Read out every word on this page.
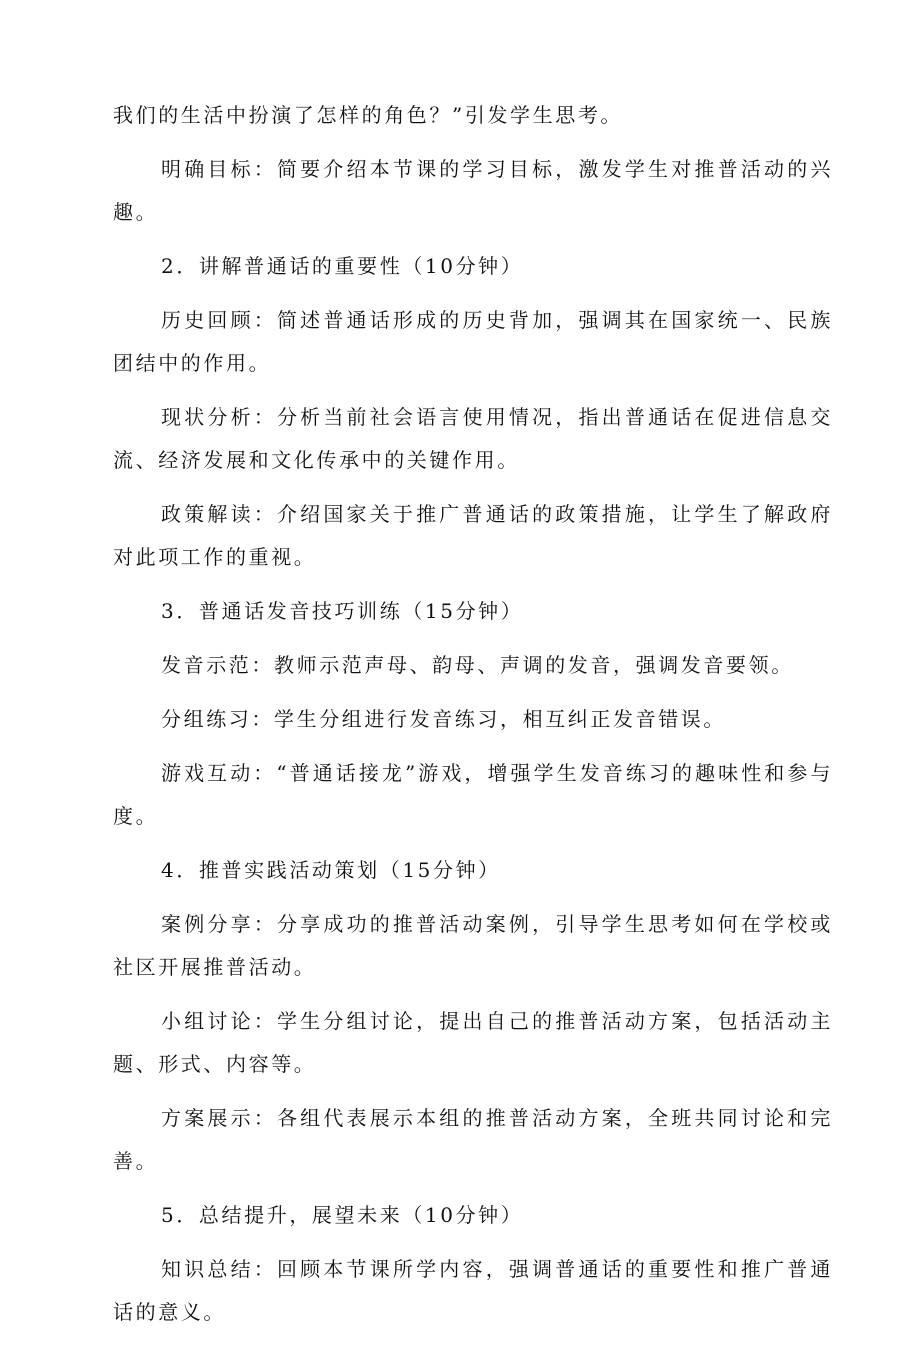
我们的生活中扮演了怎样的角色？”引发学生思考。

明确目标：简要介绍本节课的学习目标，激发学生对推普活动的兴趣。

2．讲解普通话的重要性（10分钟）

历史回顾：简述普通话形成的历史背加，强调其在国家统一、民族团结中的作用。

现状分析：分析当前社会语言使用情况，指出普通话在促进信息交流、经济发展和文化传承中的关键作用。

政策解读：介绍国家关于推广普通话的政策措施，让学生了解政府对此项工作的重视。

3．普通话发音技巧训练（15分钟）

发音示范：教师示范声母、韵母、声调的发音，强调发音要领。

分组练习：学生分组进行发音练习，相互纠正发音错误。

游戏互动：“普通话接龙”游戏，增强学生发音练习的趣味性和参与度。

4．推普实践活动策划（15分钟）

案例分享：分享成功的推普活动案例，引导学生思考如何在学校或社区开展推普活动。

小组讨论：学生分组讨论，提出自己的推普活动方案，包括活动主题、形式、内容等。

方案展示：各组代表展示本组的推普活动方案，全班共同讨论和完善。

5．总结提升，展望未来（10分钟）

知识总结：回顾本节课所学内容，强调普通话的重要性和推广普通话的意义。
